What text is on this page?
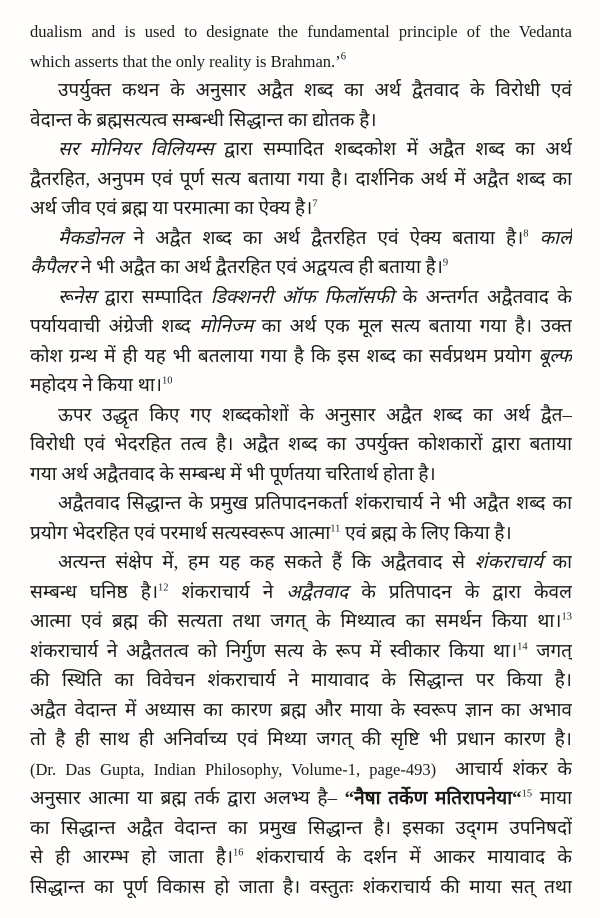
dualism and is used to designate the fundamental principle of the Vedanta
which asserts that the only reality is Brahman.’$^6$
उपर्युक्त कथन के अनुसार अद्वैत शब्द का अर्थ द्वैतवाद के विरोधी एवं
वेदान्त के ब्रह्मसत्यत्व सम्बन्धी सिद्धान्त का द्योतक है।
सर मोनियर विलियम्स द्वारा सम्पादित शब्दकोश में अद्वैत शब्द का अर्थ
द्वैतरहित, अनुपम एवं पूर्ण सत्य बताया गया है। दार्शनिक अर्थ में अद्वैत शब्द का
अर्थ जीव एवं ब्रह्म या परमात्मा का ऐक्य है।$^7$
मैकडोनल ने अद्वैत शब्द का अर्थ द्वैतरहित एवं ऐक्य बताया है।$^8$ कार्ल
कैपैलर ने भी अद्वैत का अर्थ द्वैतरहित एवं अद्वयत्व ही बताया है।$^9$
रूनेस द्वारा सम्पादित डिक्शनरी ऑफ फिलॉसफी के अन्तर्गत अद्वैतवाद के
पर्यायवाची अंग्रेजी शब्द मोनिज्म का अर्थ एक मूल सत्य बताया गया है। उक्त
कोश ग्रन्थ में ही यह भी बतलाया गया है कि इस शब्द का सर्वप्रथम प्रयोग बूल्फ
महोदय ने किया था।$^{10}$
ऊपर उद्धृत किए गए शब्दकोशों के अनुसार अद्वैत शब्द का अर्थ द्वैत–
विरोधी एवं भेदरहित तत्व है। अद्वैत शब्द का उपर्युक्त कोशकारों द्वारा बताया
गया अर्थ अद्वैतवाद के सम्बन्ध में भी पूर्णतया चरितार्थ होता है।
अद्वैतवाद सिद्धान्त के प्रमुख प्रतिपादनकर्ता शंकराचार्य ने भी अद्वैत शब्द का
प्रयोग भेदरहित एवं परमार्थ सत्यस्वरूप आत्मा$^{11}$ एवं ब्रह्म के लिए किया है।
अत्यन्त संक्षेप में, हम यह कह सकते हैं कि अद्वैतवाद से शंकराचार्य का
सम्बन्ध घनिष्ठ है।$^{12}$ शंकराचार्य ने अद्वैतवाद के प्रतिपादन के द्वारा केवल
आत्मा एवं ब्रह्म की सत्यता तथा जगत् के मिथ्यात्व का समर्थन किया था।$^{13}$
शंकराचार्य ने अद्वैततत्व को निर्गुण सत्य के रूप में स्वीकार किया था।$^{14}$ जगत्
की स्थिति का विवेचन शंकराचार्य ने मायावाद के सिद्धान्त पर किया है।
अद्वैत वेदान्त में अध्यास का कारण ब्रह्म और माया के स्वरूप ज्ञान का अभाव
तो है ही साथ ही अनिर्वाच्य एवं मिथ्या जगत् की सृष्टि भी प्रधान कारण है।
(Dr. Das Gupta, Indian Philosophy, Volume-1, page-493) आचार्य शंकर के
अनुसार आत्मा या ब्रह्म तर्क द्वारा अलभ्य है– “नैषा तर्केण मतिरापनेया“$^{15}$ माया
का सिद्धान्त अद्वैत वेदान्त का प्रमुख सिद्धान्त है। इसका उद्‌गम उपनिषदों
से ही आरम्भ हो जाता है।$^{16}$ शंकराचार्य के दर्शन में आकर मायावाद के
सिद्धान्त का पूर्ण विकास हो जाता है। वस्तुतः शंकराचार्य की माया सत् तथा
